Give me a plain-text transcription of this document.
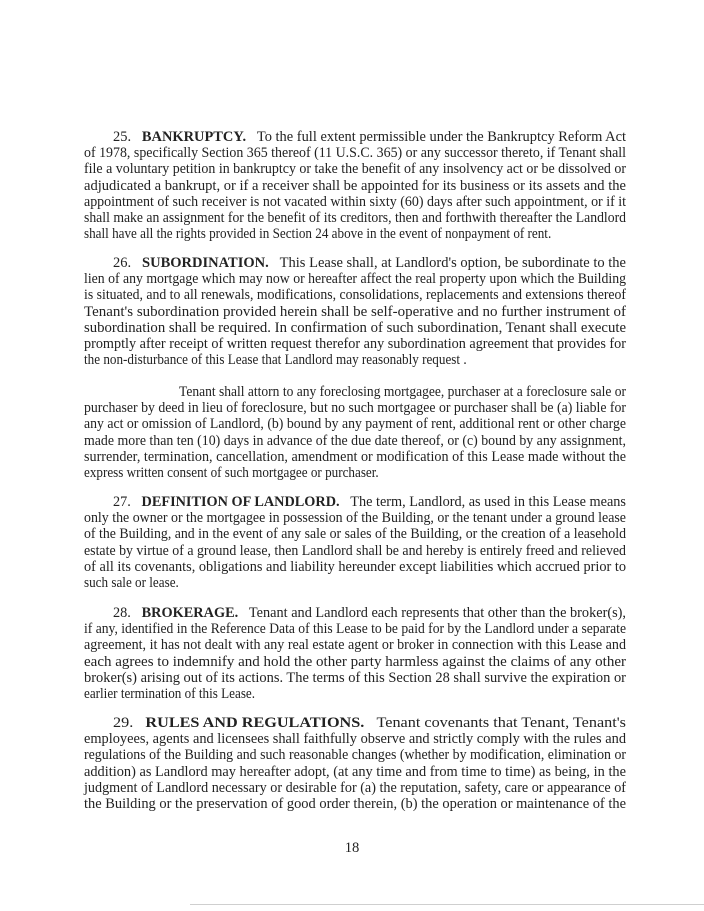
25. BANKRUPTCY. To the full extent permissible under the Bankruptcy Reform Act
of 1978, specifically Section 365 thereof (11 U.S.C. 365) or any successor thereto, if Tenant shall
file a voluntary petition in bankruptcy or take the benefit of any insolvency act or be dissolved or
adjudicated a bankrupt, or if a receiver shall be appointed for its business or its assets and the
appointment of such receiver is not vacated within sixty (60) days after such appointment, or if it
shall make an assignment for the benefit of its creditors, then and forthwith thereafter the Landlord
shall have all the rights provided in Section 24 above in the event of nonpayment of rent.
26. SUBORDINATION. This Lease shall, at Landlord's option, be subordinate to the
lien of any mortgage which may now or hereafter affect the real property upon which the Building
is situated, and to all renewals, modifications, consolidations, replacements and extensions thereof
Tenant's subordination provided herein shall be self-operative and no further instrument of
subordination shall be required. In confirmation of such subordination, Tenant shall execute
promptly after receipt of written request therefor any subordination agreement that provides for
the non-disturbance of this Lease that Landlord may reasonably request .
Tenant shall attorn to any foreclosing mortgagee, purchaser at a foreclosure sale or
purchaser by deed in lieu of foreclosure, but no such mortgagee or purchaser shall be (a) liable for
any act or omission of Landlord, (b) bound by any payment of rent, additional rent or other charge
made more than ten (10) days in advance of the due date thereof, or (c) bound by any assignment,
surrender, termination, cancellation, amendment or modification of this Lease made without the
express written consent of such mortgagee or purchaser.
27. DEFINITION OF LANDLORD. The term, Landlord, as used in this Lease means
only the owner or the mortgagee in possession of the Building, or the tenant under a ground lease
of the Building, and in the event of any sale or sales of the Building, or the creation of a leasehold
estate by virtue of a ground lease, then Landlord shall be and hereby is entirely freed and relieved
of all its covenants, obligations and liability hereunder except liabilities which accrued prior to
such sale or lease.
28. BROKERAGE. Tenant and Landlord each represents that other than the broker(s),
if any, identified in the Reference Data of this Lease to be paid for by the Landlord under a separate
agreement, it has not dealt with any real estate agent or broker in connection with this Lease and
each agrees to indemnify and hold the other party harmless against the claims of any other
broker(s) arising out of its actions. The terms of this Section 28 shall survive the expiration or
earlier termination of this Lease.
29. RULES AND REGULATIONS. Tenant covenants that Tenant, Tenant's
employees, agents and licensees shall faithfully observe and strictly comply with the rules and
regulations of the Building and such reasonable changes (whether by modification, elimination or
addition) as Landlord may hereafter adopt, (at any time and from time to time) as being, in the
judgment of Landlord necessary or desirable for (a) the reputation, safety, care or appearance of
the Building or the preservation of good order therein, (b) the operation or maintenance of the
18
